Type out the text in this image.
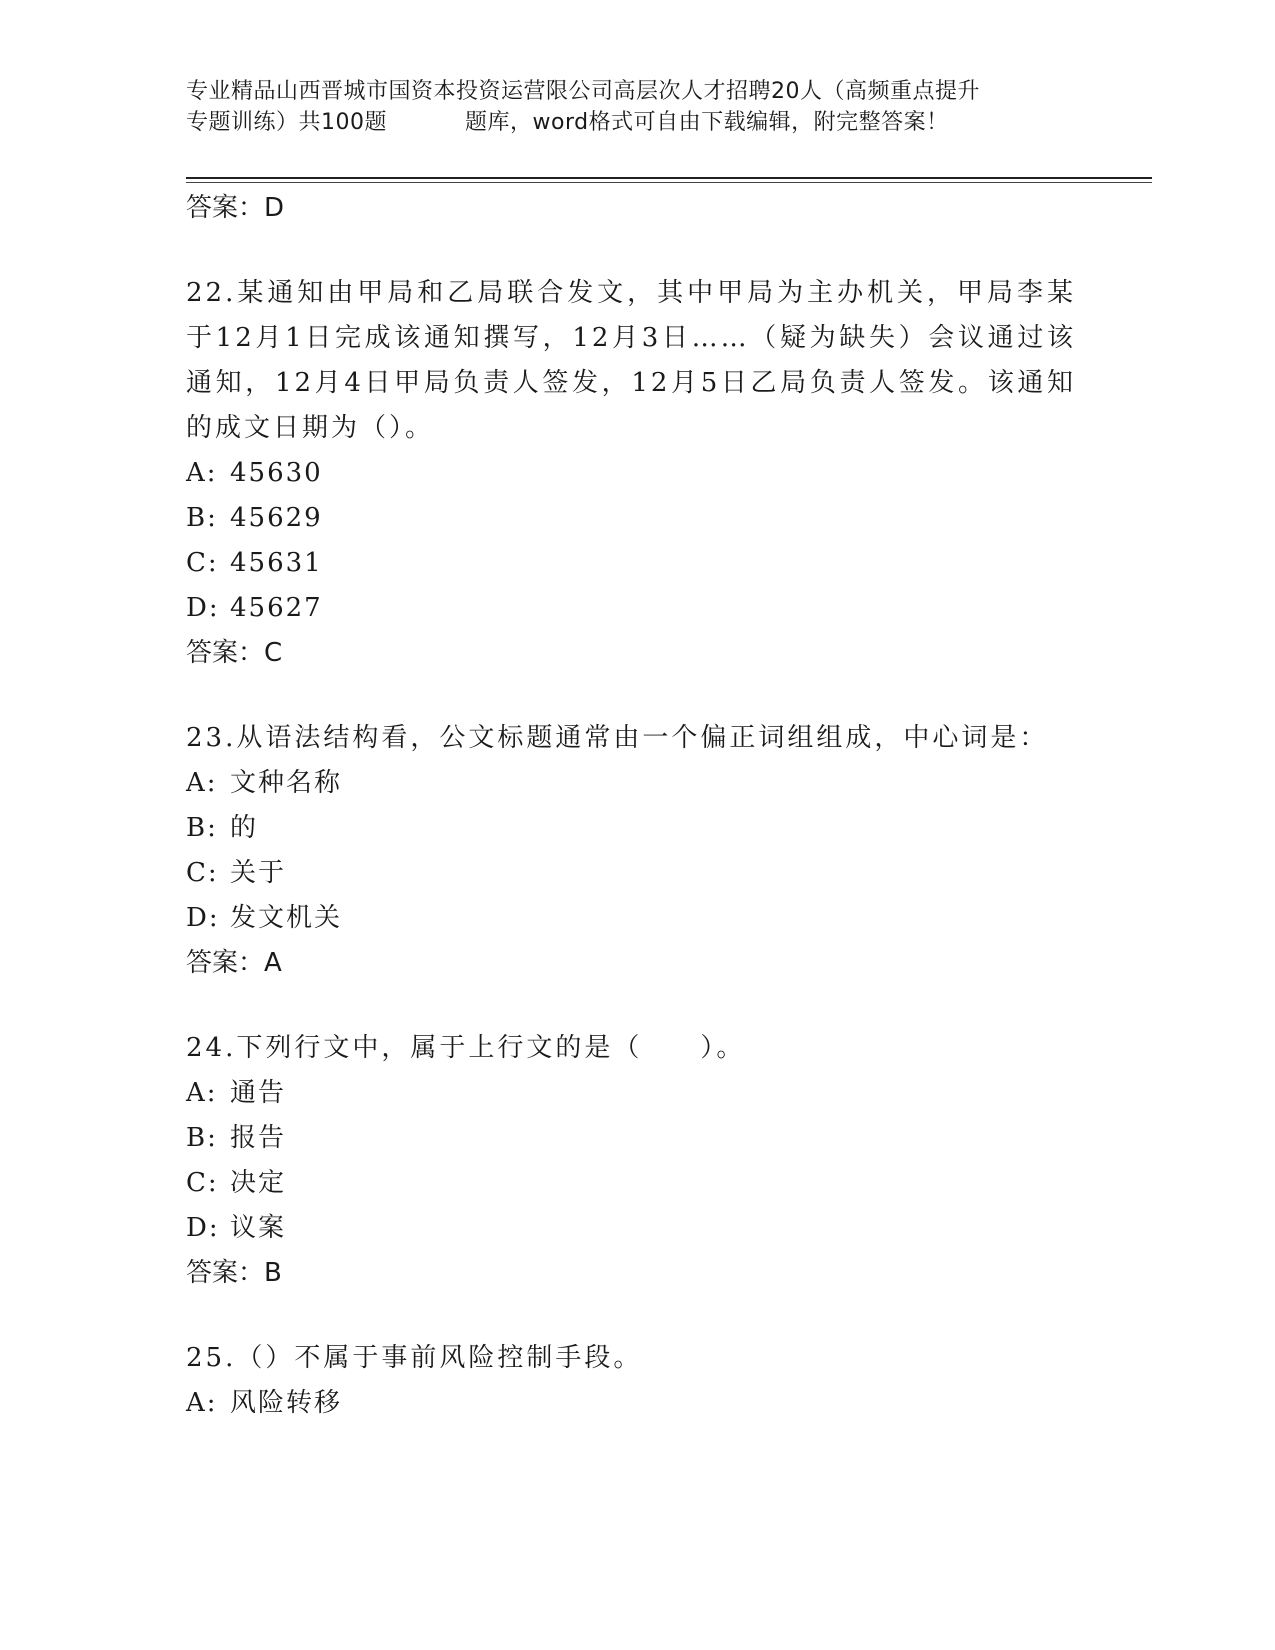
专业精品山西晋城市国资本投资运营限公司高层次人才招聘20人（高频重点提升
专题训练）共100题	题库，word格式可自由下载编辑，附完整答案！

答案：D

22.某通知由甲局和乙局联合发文，其中甲局为主办机关，甲局李某于12月1日完成该通知撰写，12月3日……（疑为缺失）会议通过该通知，12月4日甲局负责人签发，12月5日乙局负责人签发。该通知的成文日期为（）。

A: 45630

B: 45629

C: 45631

D: 45627

答案：C

23.从语法结构看，公文标题通常由一个偏正词组组成，中心词是：

A: 文种名称

B: 的

C: 关于

D: 发文机关

答案：A

24.下列行文中，属于上行文的是（　　）。

A: 通告

B: 报告

C: 决定

D: 议案

答案：B

25.（）不属于事前风险控制手段。

A: 风险转移
